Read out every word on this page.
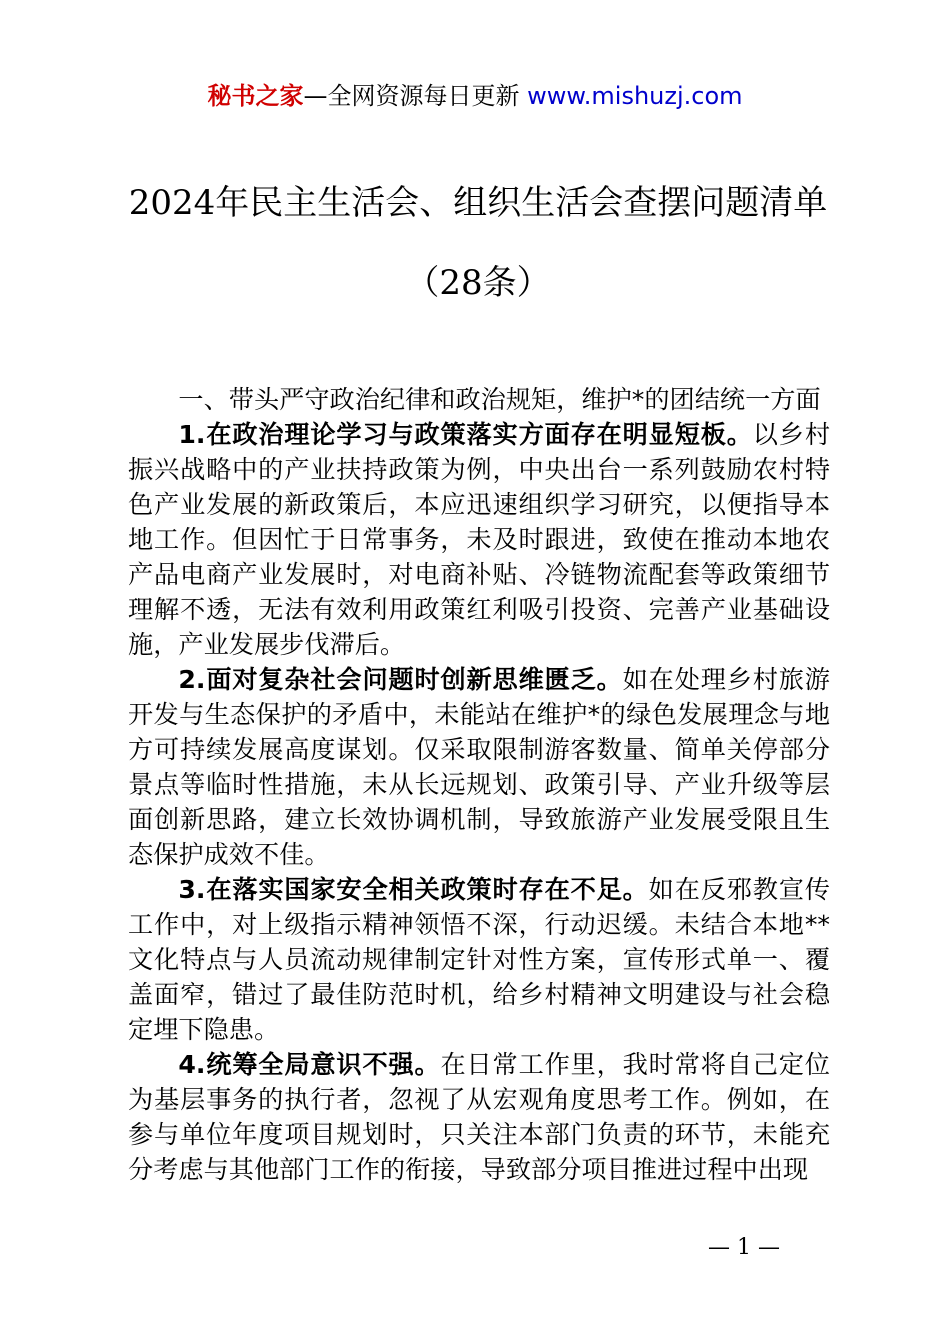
秘书之家—全网资源每日更新 www.mishuzj.com
2024年民主生活会、组织生活会查摆问题清单（28条）

一、带头严守政治纪律和政治规矩，维护*的团结统一方面

1.在政治理论学习与政策落实方面存在明显短板。以乡村振兴战略中的产业扶持政策为例，中央出台一系列鼓励农村特色产业发展的新政策后，本应迅速组织学习研究，以便指导本地工作。但因忙于日常事务，未及时跟进，致使在推动本地农产品电商产业发展时，对电商补贴、冷链物流配套等政策细节理解不透，无法有效利用政策红利吸引投资、完善产业基础设施，产业发展步伐滞后。

2.面对复杂社会问题时创新思维匮乏。如在处理乡村旅游开发与生态保护的矛盾中，未能站在维护*的绿色发展理念与地方可持续发展高度谋划。仅采取限制游客数量、简单关停部分景点等临时性措施，未从长远规划、政策引导、产业升级等层面创新思路，建立长效协调机制，导致旅游产业发展受限且生态保护成效不佳。

3.在落实国家安全相关政策时存在不足。如在反邪教宣传工作中，对上级指示精神领悟不深，行动迟缓。未结合本地**文化特点与人员流动规律制定针对性方案，宣传形式单一、覆盖面窄，错过了最佳防范时机，给乡村精神文明建设与社会稳定埋下隐患。

4.统筹全局意识不强。在日常工作里，我时常将自己定位为基层事务的执行者，忽视了从宏观角度思考工作。例如，在参与单位年度项目规划时，只关注本部门负责的环节，未能充分考虑与其他部门工作的衔接，导致部分项目推进过程中出现

— 1 —
